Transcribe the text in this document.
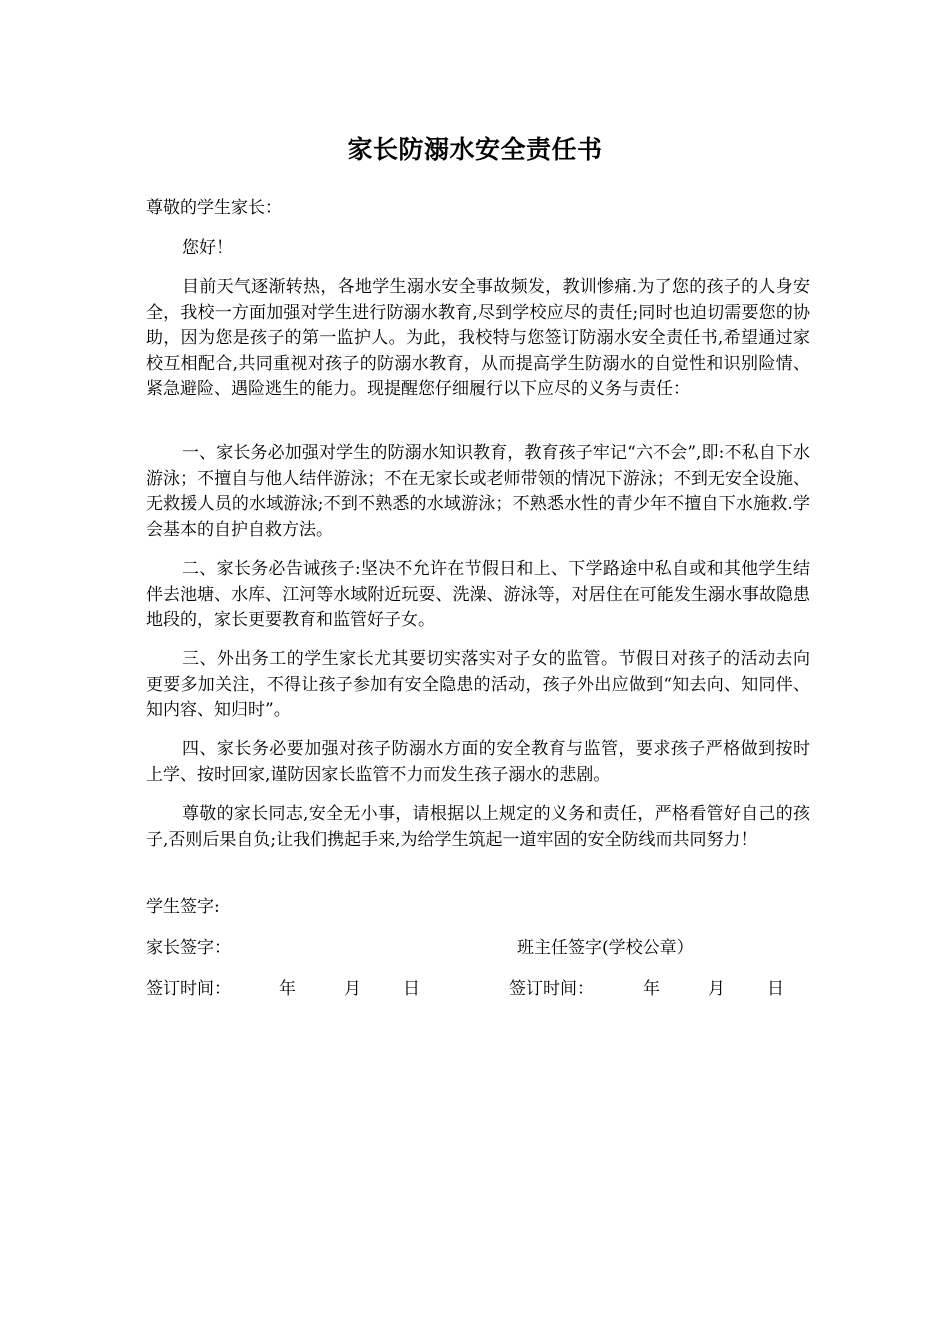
家长防溺水安全责任书

尊敬的学生家长：

您好！

目前天气逐渐转热，各地学生溺水安全事故频发，教训惨痛.为了您的孩子的人身安全，我校一方面加强对学生进行防溺水教育,尽到学校应尽的责任;同时也迫切需要您的协助，因为您是孩子的第一监护人。为此，我校特与您签订防溺水安全责任书,希望通过家校互相配合,共同重视对孩子的防溺水教育，从而提高学生防溺水的自觉性和识别险情、紧急避险、遇险逃生的能力。现提醒您仔细履行以下应尽的义务与责任：

一、家长务必加强对学生的防溺水知识教育，教育孩子牢记“六不会”,即:不私自下水游泳；不擅自与他人结伴游泳；不在无家长或老师带领的情况下游泳；不到无安全设施、无救援人员的水域游泳;不到不熟悉的水域游泳；不熟悉水性的青少年不擅自下水施救.学会基本的自护自救方法。

二、家长务必告诫孩子:坚决不允许在节假日和上、下学路途中私自或和其他学生结伴去池塘、水库、江河等水域附近玩耍、洗澡、游泳等，对居住在可能发生溺水事故隐患地段的，家长更要教育和监管好子女。

三、外出务工的学生家长尤其要切实落实对子女的监管。节假日对孩子的活动去向更要多加关注，不得让孩子参加有安全隐患的活动，孩子外出应做到“知去向、知同伴、知内容、知归时”。

四、家长务必要加强对孩子防溺水方面的安全教育与监管，要求孩子严格做到按时上学、按时回家,谨防因家长监管不力而发生孩子溺水的悲剧。

尊敬的家长同志,安全无小事，请根据以上规定的义务和责任，严格看管好自己的孩子,否则后果自负;让我们携起手来,为给学生筑起一道牢固的安全防线而共同努力！

学生签字:

家长签字：	班主任签字(学校公章）

签订时间：	年	月 日	签订时间：	年	月 日
